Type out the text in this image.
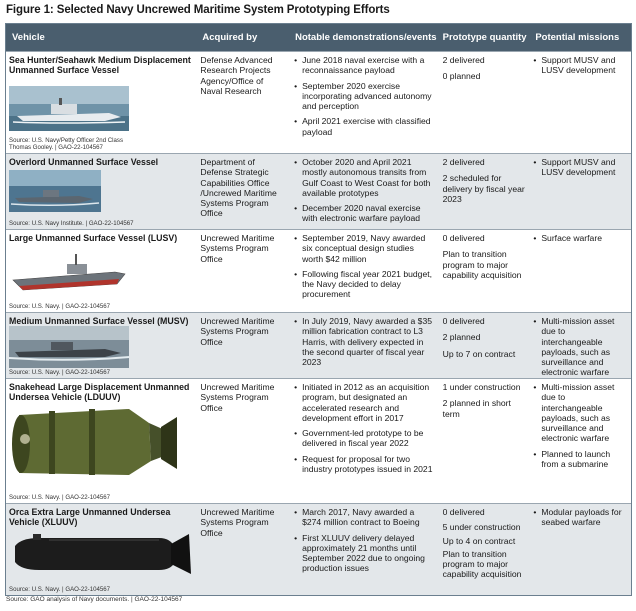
Figure 1: Selected Navy Uncrewed Maritime System Prototyping Efforts
Vehicle	Acquired by	Notable demonstrations/events Prototype quantity Potential missions
Sea Hunter/Seahawk Medium Displacement Unmanned Surface Vessel
Source: U.S. Navy/Petty Officer 2nd Class Thomas Gooley. | GAO-22-104567
Defense Advanced Research Projects Agency/Office of Naval Research
• June 2018 naval exercise with a reconnaissance payload
• September 2020 exercise incorporating advanced autonomy and perception
• April 2021 exercise with classified payload
2 delivered
0 planned
• Support MUSV and LUSV development
Overlord Unmanned Surface Vessel
Source: U.S. Navy Institute. | GAO-22-104567
Department of Defense Strategic Capabilities Office /Uncrewed Maritime Systems Program Office
• October 2020 and April 2021 mostly autonomous transits from Gulf Coast to West Coast for both available prototypes
• December 2020 naval exercise with electronic warfare payload
2 delivered
2 scheduled for delivery by fiscal year 2023
• Support MUSV and LUSV development
Large Unmanned Surface Vessel (LUSV)
Source: U.S. Navy. | GAO-22-104567
Uncrewed Maritime Systems Program Office
• September 2019, Navy awarded six conceptual design studies worth $42 million
• Following fiscal year 2021 budget, the Navy decided to delay procurement
0 delivered
Plan to transition program to major capability acquisition
• Surface warfare
Medium Unmanned Surface Vessel (MUSV)
Source: U.S. Navy. | GAO-22-104567
Uncrewed Maritime Systems Program Office
• In July 2019, Navy awarded a $35 million fabrication contract to L3 Harris, with delivery expected in the second quarter of fiscal year 2023
0 delivered
2 planned
Up to 7 on contract
• Multi-mission asset due to interchangeable payloads, such as surveillance and electronic warfare
Snakehead Large Displacement Unmanned Undersea Vehicle (LDUUV)
Source: U.S. Navy. | GAO-22-104567
Uncrewed Maritime Systems Program Office
• Initiated in 2012 as an acquisition program, but designated an accelerated research and development effort in 2017
• Government-led prototype to be delivered in fiscal year 2022
• Request for proposal for two industry prototypes issued in 2021
1 under construction
2 planned in short term
• Multi-mission asset due to interchangeable payloads, such as surveillance and electronic warfare
• Planned to launch from a submarine
Orca Extra Large Unmanned Undersea Vehicle (XLUUV)
Source: U.S. Navy. | GAO-22-104567
Uncrewed Maritime Systems Program Office
• March 2017, Navy awarded a $274 million contract to Boeing
• First XLUUV delivery delayed approximately 21 months until September 2022 due to ongoing production issues
0 delivered
5 under construction
Up to 4 on contract
Plan to transition program to major capability acquisition
• Modular payloads for seabed warfare
Source: GAO analysis of Navy documents. | GAO-22-104567
